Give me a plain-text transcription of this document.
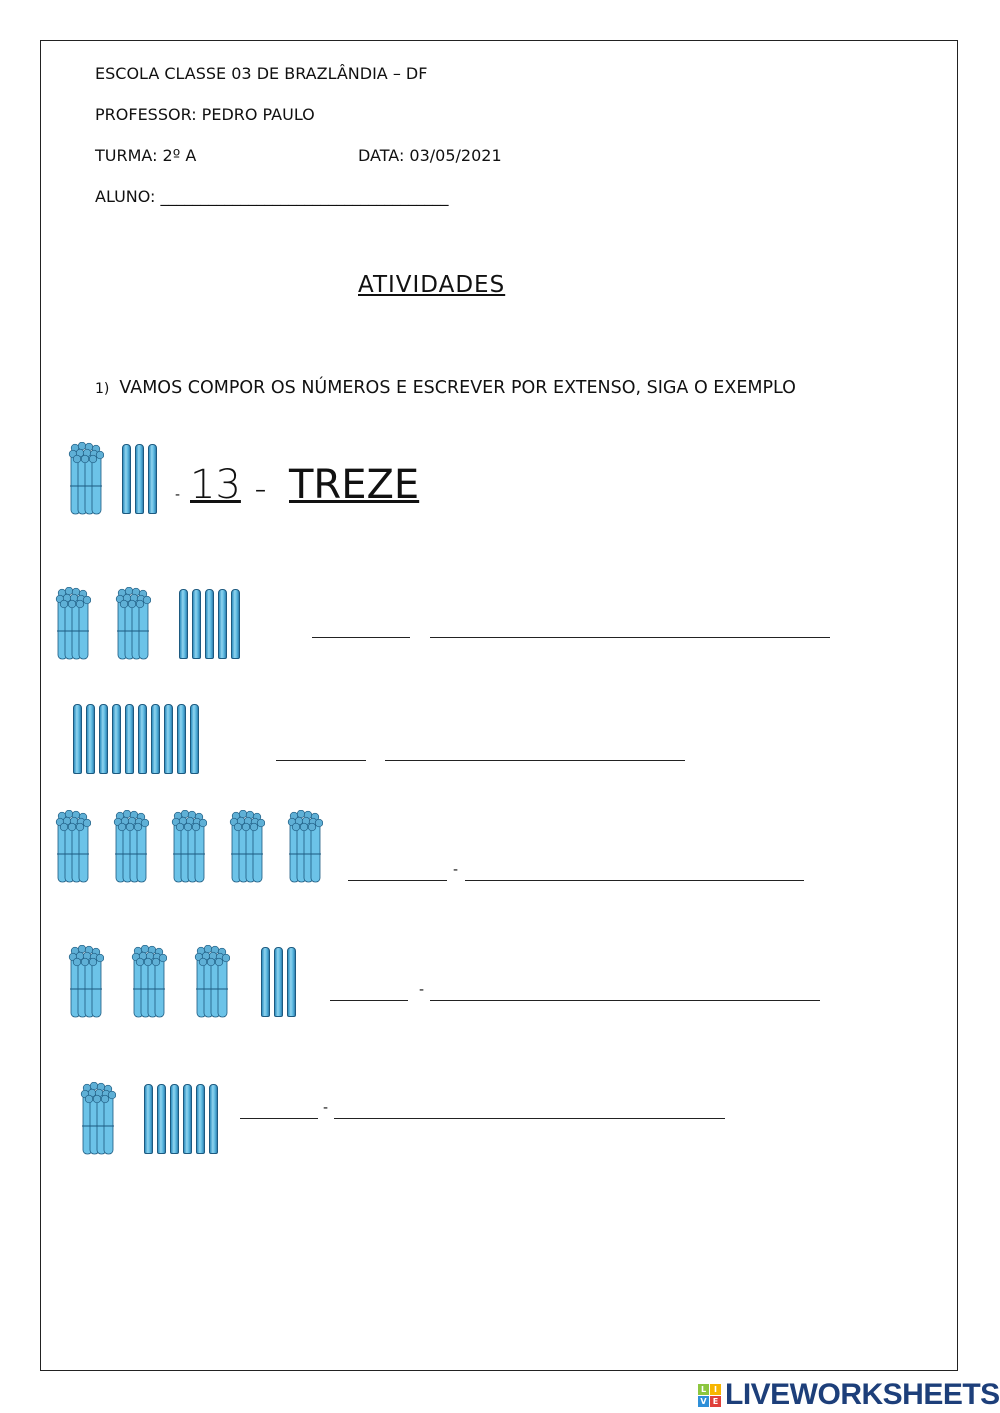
ESCOLA CLASSE 03 DE BRAZLÂNDIA – DF
PROFESSOR: PEDRO PAULO
TURMA: 2º A	DATA: 03/05/2021
ALUNO: ____________________________________
ATIVIDADES
1) VAMOS COMPOR OS NÚMEROS E ESCREVER POR EXTENSO, SIGA O EXEMPLO
- 13 – TREZE
-
-
-
L I
V E LIVEWORKSHEETS
